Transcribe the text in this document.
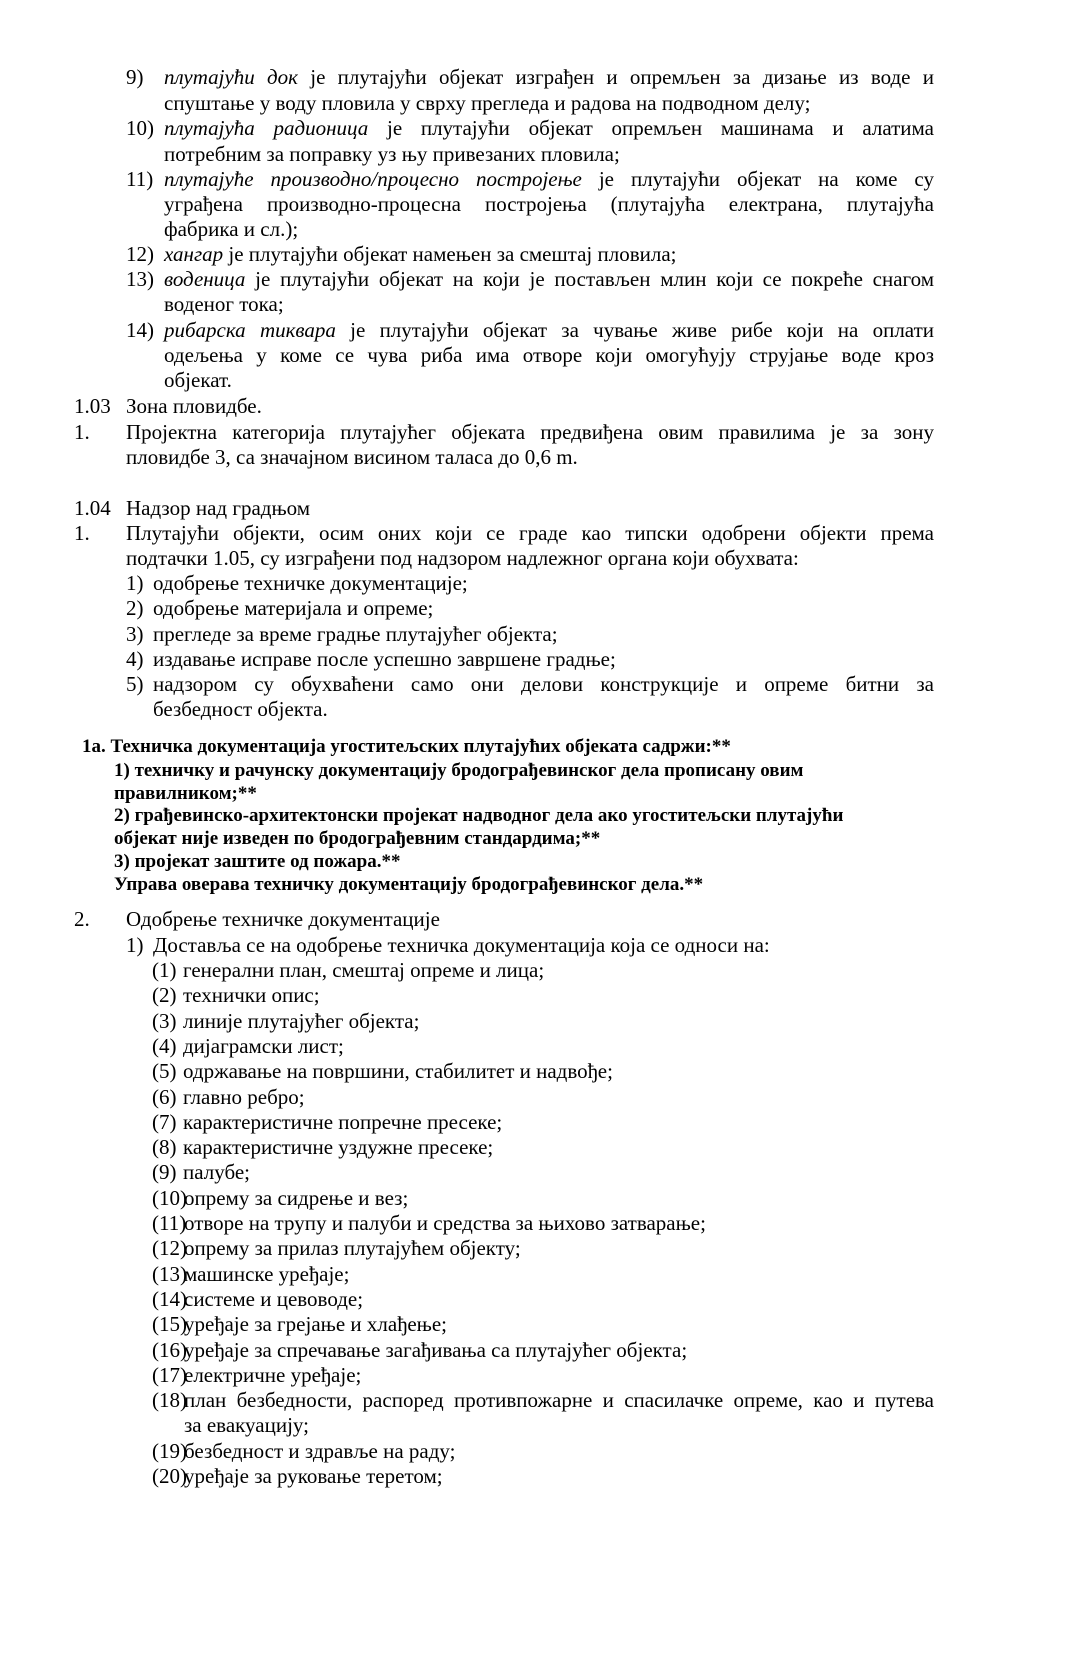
9) плутајући док је плутајући објекат изграђен и опремљен за дизање из воде и
спуштање у воду пловила у сврху прегледа и радова на подводном делу;
10) плутајућа радионица је плутајући објекат опремљен машинама и алатима
потребним за поправку уз њу привезаних пловила;
11) плутајуће производно/процесно постројење је плутајући објекат на коме су
уграђена производно-процесна постројења (плутајућа електрана, плутајућа
фабрика и сл.);
12) хангар је плутајући објекат намењен за смештај пловила;
13) воденица је плутајући објекат на који је постављен млин који се покреће снагом
воденог тока;
14) рибарска тиквара је плутајући објекат за чување живе рибе који на оплати
одељења у коме се чува риба има отворе који омогућују струјање воде кроз
објекат.
1.03 Зона пловидбе.
1. Пројектна категорија плутајућег објеката предвиђена овим правилима је за зону
пловидбе 3, са значајном висином таласа до 0,6 m.
1.04 Надзор над градњом
1. Плутајући објекти, осим оних који се граде као типски одобрени објекти према
подтачки 1.05, су изграђени под надзором надлежног органа који обухвата:
1) одобрење техничке документације;
2) одобрење материјала и опреме;
3) прегледе за време градње плутајућег објекта;
4) издавање исправе после успешно завршене градње;
5) надзором су обухваћени само они делови конструкције и опреме битни за
безбедност објекта.
1а. Техничка документација угоститељских плутајућих објеката садржи:**
1) техничку и рачунску документацију бродограђевинског дела прописану овим
правилником;**
2) грађевинско-архитектонски пројекат надводног дела ако угоститељски плутајући
објекат није изведен по бродограђевним стандардима;**
3) пројекат заштите од пожара.**
Управа оверава техничку документацију бродограђевинског дела.**
2. Одобрење техничке документације
1) Доставља се на одобрење техничка документација која се односи на:
(1) генерални план, смештај опреме и лица;
(2) технички опис;
(3) линије плутајућег објекта;
(4) дијаграмски лист;
(5) одржавање на површини, стабилитет и надвође;
(6) главно ребро;
(7) карактеристичне попречне пресеке;
(8) карактеристичне уздужне пресеке;
(9) палубе;
(10)
опрему за сидрење и вез;
(11)
отворе на трупу и палуби и средства за њихово затварање;
(12)
опрему за прилаз плутајућем објекту;
(13)
машинске уређаје;
(14)
системе и цевоводе;
(15)
уређаје за грејање и хлађење;
(16)
уређаје за спречавање загађивања са плутајућег објекта;
(17)
електричне уређаје;
(18)
план безбедности, распоред противпожарне и спасилачке опреме, као и путева
за евакуацију;
(19)
безбедност и здравље на раду;
(20)
уређаје за руковање теретом;
